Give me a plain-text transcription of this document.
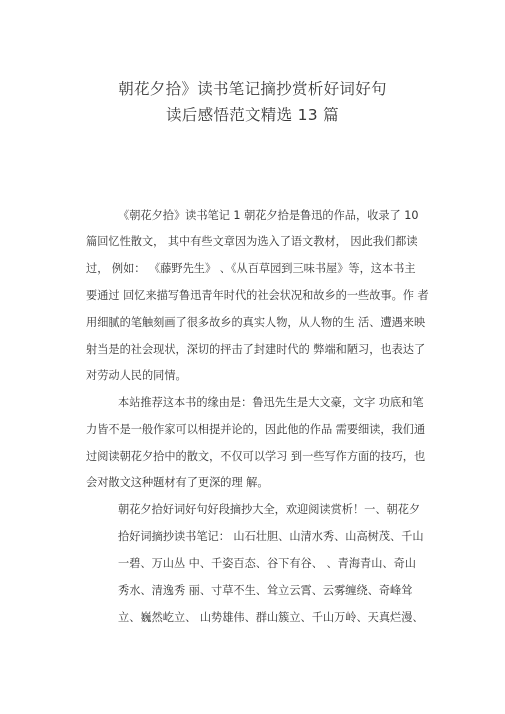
朝花夕拾》读书笔记摘抄赏析好词好句
读后感悟范文精选 13 篇
《朝花夕拾》读书笔记 1 朝花夕拾是鲁迅的作品，收录了 10
篇回忆性散文， 其中有些文章因为选入了语文教材， 因此我们都读
过， 例如： 《藤野先生》 、《从百草园到三味书屋》等，这本书主
要通过 回忆来描写鲁迅青年时代的社会状况和故乡的一些故事。作 者
用细腻的笔触刻画了很多故乡的真实人物，从人物的生 活、遭遇来映
射当是的社会现状，深切的抨击了封建时代的 弊端和陋习，也表达了
对劳动人民的同情。
本站推荐这本书的缘由是：鲁迅先生是大文豪，文字 功底和笔
力皆不是一般作家可以相提并论的，因此他的作品 需要细读，我们通
过阅读朝花夕拾中的散文，不仅可以学习 到一些写作方面的技巧，也
会对散文这种题材有了更深的理 解。
朝花夕拾好词好句好段摘抄大全，欢迎阅读赏析！一、朝花夕
拾好词摘抄读书笔记： 山石壮胆、山清水秀、山高树茂、千山
一碧、万山丛 中、千姿百态、谷下有谷、 、青海青山、奇山
秀水、清逸秀 丽、寸草不生、耸立云霄、云雾缠绕、奇峰耸
立、巍然屹立、 山势雄伟、群山簇立、千山万岭、天真烂漫、
